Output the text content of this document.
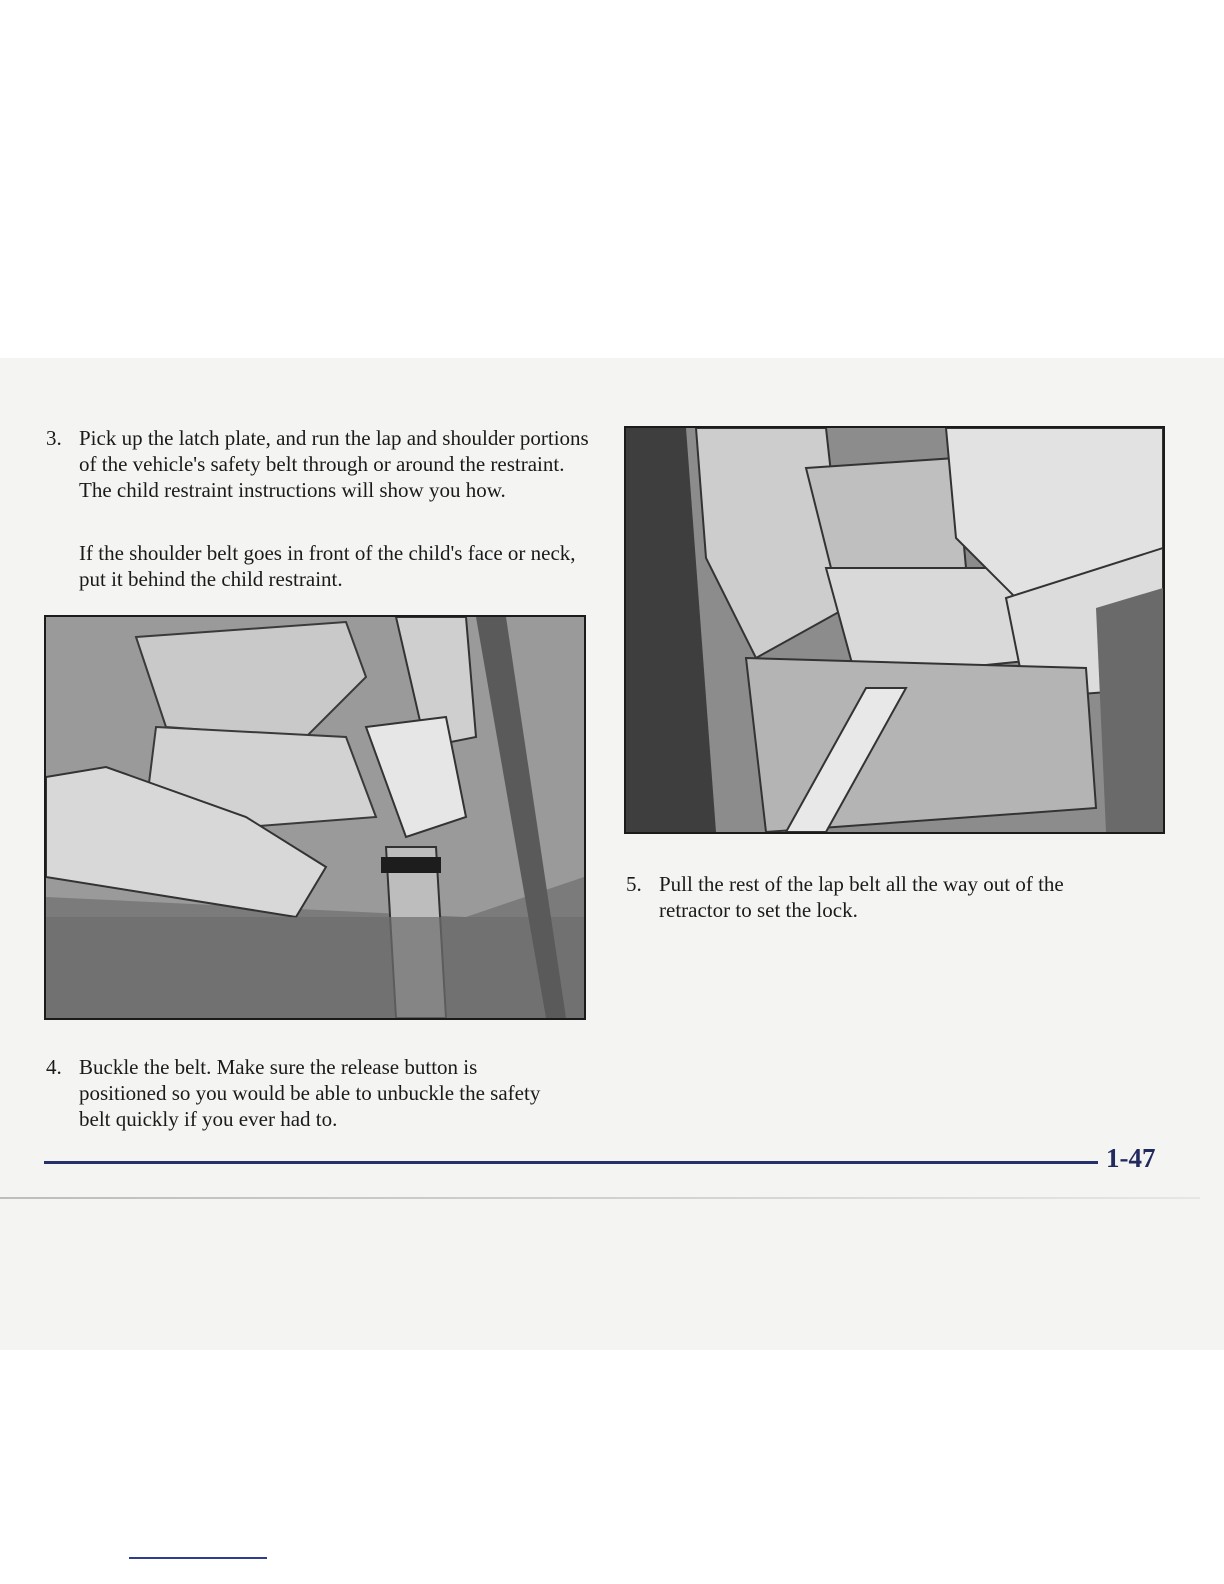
3. Pick up the latch plate, and run the lap and shoulder portions of the vehicle's safety belt through or around the restraint. The child restraint instructions will show you how.

If the shoulder belt goes in front of the child's face or neck, put it behind the child restraint.

4. Buckle the belt. Make sure the release button is positioned so you would be able to unbuckle the safety belt quickly if you ever had to.
5. Pull the rest of the lap belt all the way out of the retractor to set the lock.
1-47
